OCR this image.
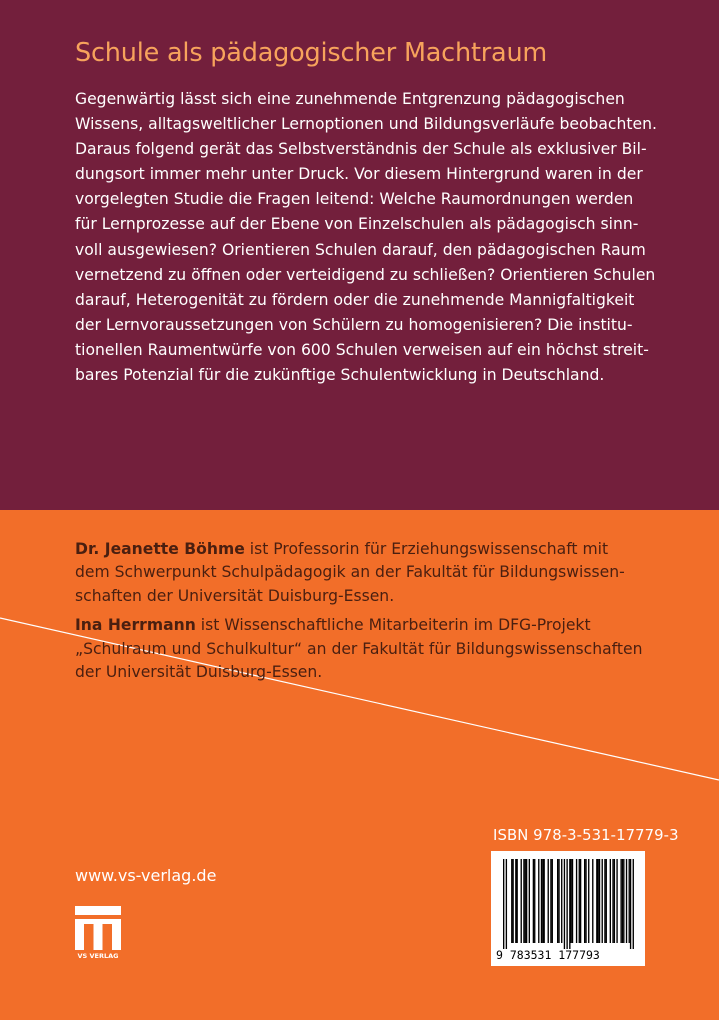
Schule als pädagogischer Machtraum
Gegenwärtig lässt sich eine zunehmende Entgrenzung pädagogischen
Wissens, alltagsweltlicher Lernoptionen und Bildungsverläufe beobachten.
Daraus folgend gerät das Selbstverständnis der Schule als exklusiver Bil-
dungsort immer mehr unter Druck. Vor diesem Hintergrund waren in der
vorgelegten Studie die Fragen leitend: Welche Raumordnungen werden
für Lernprozesse auf der Ebene von Einzelschulen als pädagogisch sinn-
voll ausgewiesen? Orientieren Schulen darauf, den pädagogischen Raum
vernetzend zu öffnen oder verteidigend zu schließen? Orientieren Schulen
darauf, Heterogenität zu fördern oder die zunehmende Mannigfaltigkeit
der Lernvoraussetzungen von Schülern zu homogenisieren? Die institu-
tionellen Raumentwürfe von 600 Schulen verweisen auf ein höchst streit-
bares Potenzial für die zukünftige Schulentwicklung in Deutschland.

Dr. Jeanette Böhme ist Professorin für Erziehungswissenschaft mit
dem Schwerpunkt Schulpädagogik an der Fakultät für Bildungswissen-
schaften der Universität Duisburg-Essen.

Ina Herrmann ist Wissenschaftliche Mitarbeiterin im DFG-Projekt
„Schulraum und Schulkultur“ an der Fakultät für Bildungswissenschaften
der Universität Duisburg-Essen.

ISBN 978-3-531-17779-3
9 783531 177793
www.vs-verlag.de
VS VERLAG
